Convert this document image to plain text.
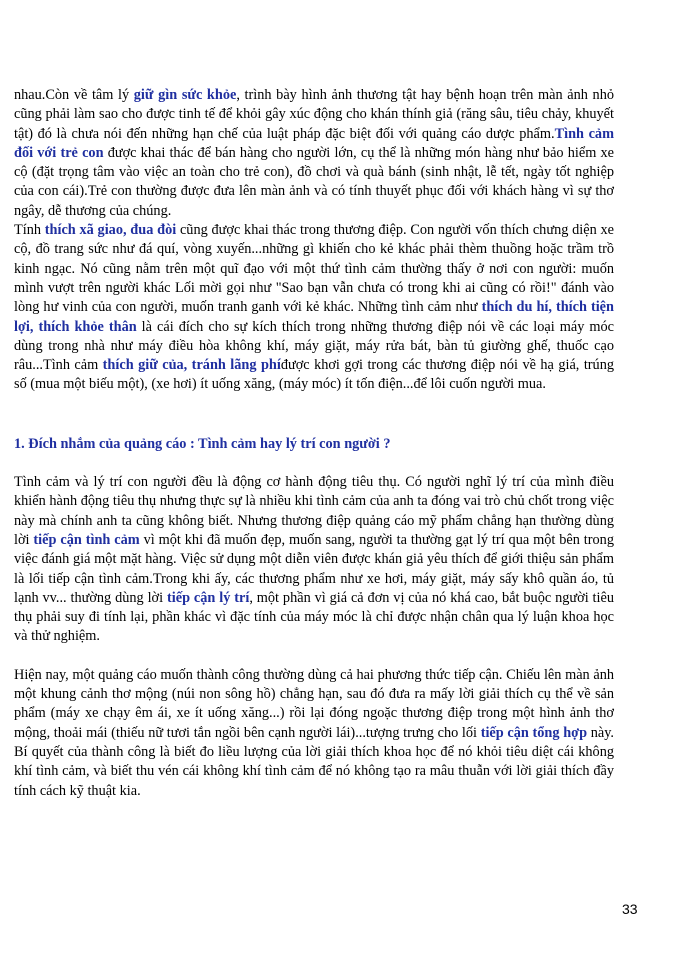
nhau.Còn về tâm lý giữ gìn sức khỏe, trình bày hình ảnh thương tật hay bệnh hoạn trên màn ảnh nhỏ cũng phải làm sao cho được tinh tế để khỏi gây xúc động cho khán thính giả (răng sâu, tiêu chảy, khuyết tật) đó là chưa nói đến những hạn chế của luật pháp đặc biệt đối với quảng cáo dược phẩm.Tình cảm đối với trẻ con được khai thác để bán hàng cho người lớn, cụ thể là những món hàng như bảo hiểm xe cộ (đặt trọng tâm vào việc an toàn cho trẻ con), đồ chơi và quà bánh (sinh nhật, lễ tết, ngày tốt nghiệp của con cái).Trẻ con thường được đưa lên màn ảnh và có tính thuyết phục đối với khách hàng vì sự thơ ngây, dễ thương của chúng.

Tính thích xã giao, đua đòi cũng được khai thác trong thương điệp. Con người vốn thích chưng diện xe cộ, đồ trang sức như đá quí, vòng xuyến...những gì khiến cho kẻ khác phải thèm thuồng hoặc trầm trồ kinh ngạc. Nó cũng nằm trên một quĩ đạo với một thứ tình cảm thường thấy ở nơi con người: muốn mình vượt trên người khác Lối mời gọi như "Sao bạn vẫn chưa có trong khi ai cũng có rồi!" đánh vào lòng hư vinh của con người, muốn tranh ganh với kẻ khác. Những tình cảm như thích du hí, thích tiện lợi, thích khỏe thân là cái đích cho sự kích thích trong những thương điệp nói về các loại máy móc dùng trong nhà như máy điều hòa không khí, máy giặt, máy rửa bát, bàn tủ giường ghế, thuốc cạo râu...Tình cảm thích giữ của, tránh lãng phíđược khơi gợi trong các thương điệp nói về hạ giá, trúng số (mua một biếu một), (xe hơi) ít uống xăng, (máy móc) ít tốn điện...để lôi cuốn người mua.

1. Đích nhắm của quảng cáo : Tình cảm hay lý trí con người ?

Tình cảm và lý trí con người đều là động cơ hành động tiêu thụ. Có người nghĩ lý trí của mình điều khiển hành động tiêu thụ nhưng thực sự là nhiều khi tình cảm của anh ta đóng vai trò chủ chốt trong việc này mà chính anh ta cũng không biết. Nhưng thương điệp quảng cáo mỹ phẩm chẳng hạn thường dùng lời tiếp cận tình cảm vì một khi đã muốn đẹp, muốn sang, người ta thường gạt lý trí qua một bên trong việc đánh giá một mặt hàng. Việc sử dụng một diễn viên được khán giả yêu thích để giới thiệu sản phẩm là lối tiếp cận tình cảm.Trong khi ấy, các thương phẩm như xe hơi, máy giặt, máy sấy khô quần áo, tủ lạnh vv... thường dùng lời tiếp cận lý trí, một phần vì giá cả đơn vị của nó khá cao, bắt buộc người tiêu thụ phải suy đi tính lại, phần khác vì đặc tính của máy móc là chỉ được nhận chân qua lý luận khoa học và thử nghiệm.

Hiện nay, một quảng cáo muốn thành công thường dùng cả hai phương thức tiếp cận. Chiếu lên màn ảnh một khung cảnh thơ mộng (núi non sông hồ) chẳng hạn, sau đó đưa ra mấy lời giải thích cụ thể về sản phẩm (máy xe chạy êm ái, xe ít uống xăng...) rồi lại đóng ngoặc thương điệp trong một hình ảnh thơ mộng, thoải mái (thiếu nữ tươi tắn ngồi bên cạnh người lái)...tượng trưng cho lối tiếp cận tổng hợp này. Bí quyết của thành công là biết đo liều lượng của lời giải thích khoa học để nó khỏi tiêu diệt cái không khí tình cảm, và biết thu vén cái không khí tình cảm để nó không tạo ra mâu thuẫn với lời giải thích đầy tính cách kỹ thuật kia.

33
